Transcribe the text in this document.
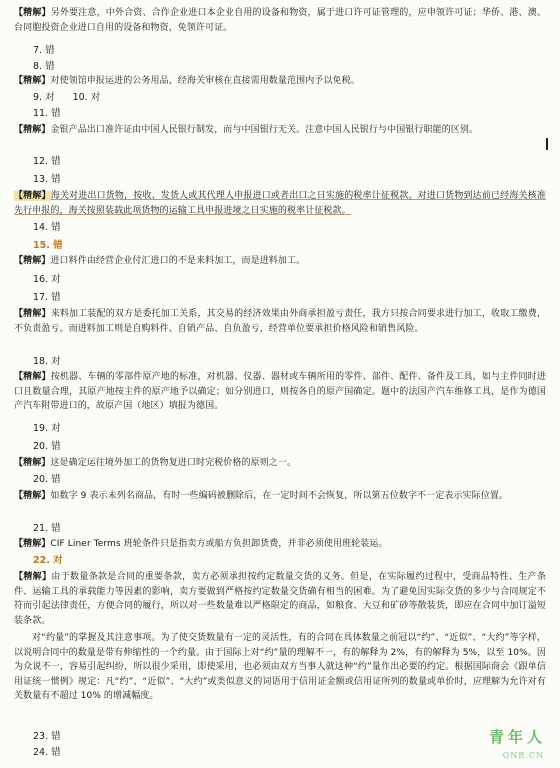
【精解】另外要注意，中外合资、合作企业进口本企业自用的设备和物资，属于进口许可证管理的，应申领许可证；华侨、港、澳、台同胞投资企业进口自用的设备和物资，免领许可证。
7. 错
8. 错
【精解】对使领馆申报运进的公务用品，经海关审核在直接需用数量范围内予以免税。
9. 对 10. 对
11. 错
【精解】金银产品出口准许证由中国人民银行制发，而与中国银行无关。注意中国人民银行与中国银行职能的区别。
12. 错
13. 错
【精解】海关对进出口货物，按收、发货人或其代理人申报进口或者出口之日实施的税率计征税款。对进口货物到达前已经海关核准先行申报的，海关按照装载此项货物的运输工具申报进境之日实施的税率计征税款。
14. 错
15. 错
【精解】进口料件由经营企业付汇进口的不是来料加工，而是进料加工。
16. 对
17. 错
【精解】来料加工装配的双方是委托加工关系，其交易的经济效果由外商承担盈亏责任，我方只按合同要求进行加工，收取工缴费，不负责盈亏。而进料加工则是自购料件、自销产品、自负盈亏，经营单位要承担价格风险和销售风险。
18. 对
【精解】按机器、车辆的零部件原产地的标准，对机器、仪器、器材或车辆所用的零件、部件、配件、备件及工具，如与主件同时进口且数量合理，其原产地按主件的原产地予以确定；如分别进口，则按各自的原产国确定。题中的法国产汽车维修工具，是作为德国产汽车附带进口的，故原产国（地区）填报为德国。
19. 对
20. 错
【精解】这是确定运往境外加工的货物复进口时完税价格的原则之一。
20. 错
【精解】如数字 9 表示未列名商品，有时一些编码被删除后，在一定时间不会恢复，所以第五位数字不一定表示实际位置。
21. 错
【精解】CIF Liner Terms 班轮条件只是指卖方或船方负担卸货费，并非必须使用班轮装运。
22. 对
【精解】由于数量条款是合同的重要条款，卖方必须承担按约定数量交货的义务。但是，在实际履约过程中，受商品特性、生产条件、运输工具的承载能力等因素的影响，卖方要做到严格按约定数量交货确有相当的困难。为了避免因实际交货的多少与合同规定不符而引起法律责任，方便合同的履行，所以对一些数量难以严格限定的商品，如粮食、大豆和矿砂等散装货，即应在合同中加订溢短装条款。
对“约量”的掌握及其注意事项。为了使交货数量有一定的灵活性，有的合同在具体数量之前冠以“约”、“近似”、“大约”等字样，以说明合同中的数量是带有伸缩性的一个约量。由于国际上对“约”量的理解不一，有的解释为 2%，有的解释为 5%，以至 10%。因为众说不一，容易引起纠纷，所以很少采用，即使采用，也必须由双方当事人就这种“约”量作出必要的约定。根据国际商会《跟单信用证统一惯例》规定：凡“约”、“近似”、“大约”或类似意义的词语用于信用证金额或信用证所列的数量或单价时，应理解为允许对有关数量有不超过 10% 的增减幅度。
23. 错
24. 错
青年人
QNR.CN
